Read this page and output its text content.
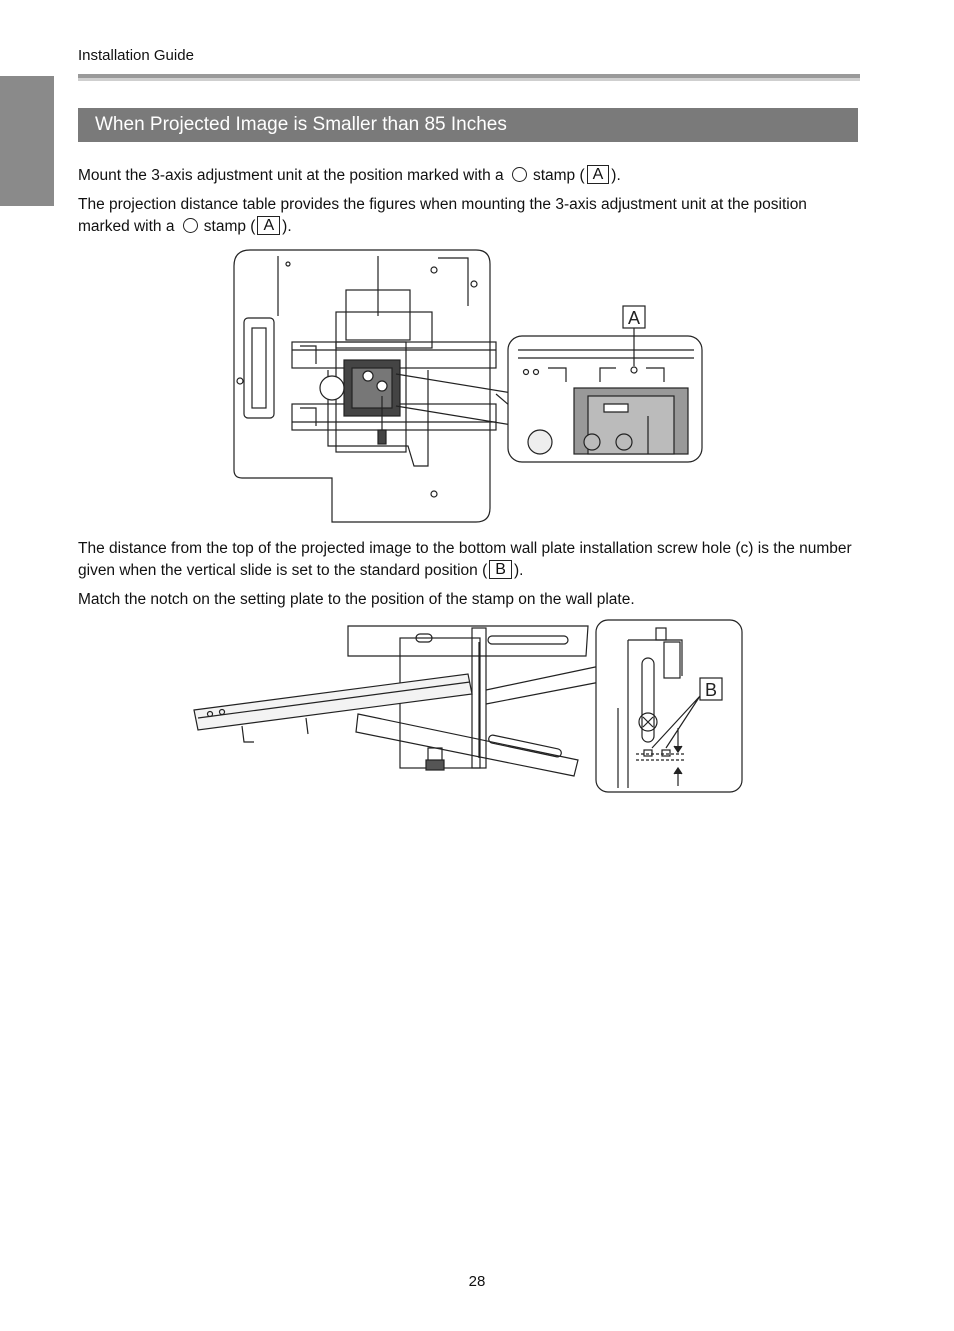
Installation Guide
When Projected Image is Smaller than 85 Inches

Mount the 3-axis adjustment unit at the position marked with a stamp ( A ).

The projection distance table provides the figures when mounting the 3-axis adjustment unit at the position marked with a stamp ( A ).

A

The distance from the top of the projected image to the bottom wall plate installation screw hole (c) is the number given when the vertical slide is set to the standard position ( B ).

Match the notch on the setting plate to the position of the stamp on the wall plate.

B
28
